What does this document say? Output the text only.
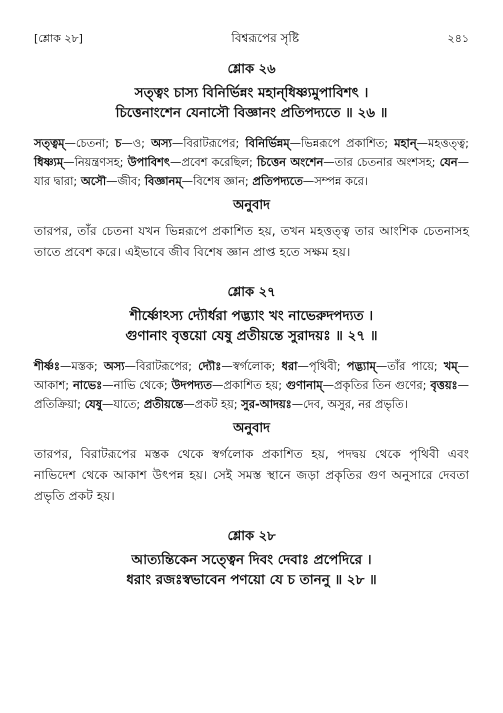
[শ্লোক ২৮]	বিশ্বরূপের সৃষ্টি	২৪১
শ্লোক ২৬
সত্ত্বং চাস্য বিনির্ভিন্নং মহান্‌ধিষ্ণ্যমুপাবিশৎ ।
চিত্তেনাংশেন যেনাসৌ বিজ্ঞানং প্রতিপদ্যতে ॥ ২৬ ॥
সত্ত্বম্‌—চেতনা; চ—ও; অস্য—বিরাটরূপের; বিনির্ভিন্নম্‌—ভিন্নরূপে প্রকাশিত; মহান্‌—মহত্তত্ত্ব; ধিষ্ণ্যম্‌—নিয়ন্ত্রণসহ; উপাবিশৎ—প্রবেশ করেছিল; চিত্তেন অংশেন—তার চেতনার অংশসহ; যেন—যার দ্বারা; অসৌ—জীব; বিজ্ঞানম্‌—বিশেষ জ্ঞান; প্রতিপদ্যতে—সম্পন্ন করে।
অনুবাদ
তারপর, তাঁর চেতনা যখন ভিন্নরূপে প্রকাশিত হয়, তখন মহত্তত্ত্ব তার আংশিক চেতনাসহ তাতে প্রবেশ করে। এইভাবে জীব বিশেষ জ্ঞান প্রাপ্ত হতে সক্ষম হয়।
শ্লোক ২৭
শীর্ষ্ণোঽস্য দ্যৌর্ধরা পদ্ভ্যাং খং নাভেরুদপদ্যত ।
গুণানাং বৃত্তয়ো যেষু প্রতীয়ন্তে সুরাদয়ঃ ॥ ২৭ ॥
শীর্ষ্ণঃ—মস্তক; অস্য—বিরাটরূপের; দ্যৌঃ—স্বর্গলোক; ধরা—পৃথিবী; পদ্ভ্যাম্‌—তাঁর পায়ে; খম্‌—আকাশ; নাভেঃ—নাভি থেকে; উদপদ্যত—প্রকাশিত হয়; গুণানাম্‌—প্রকৃতির তিন গুণের; বৃত্তয়ঃ—প্রতিক্রিয়া; যেষু—যাতে; প্রতীয়ন্তে—প্রকট হয়; সুর-আদয়ঃ—দেব, অসুর, নর প্রভৃতি।
অনুবাদ
তারপর, বিরাটরূপের মস্তক থেকে স্বর্গলোক প্রকাশিত হয়, পদদ্বয় থেকে পৃথিবী এবং নাভিদেশ থেকে আকাশ উৎপন্ন হয়। সেই সমস্ত স্থানে জড়া প্রকৃতির গুণ অনুসারে দেবতা প্রভৃতি প্রকট হয়।
শ্লোক ২৮
আত্যন্তিকেন সত্ত্বেন দিবং দেবাঃ প্রপেদিরে ।
ধরাং রজঃস্বভাবেন পণয়ো যে চ তাননু ॥ ২৮ ॥
